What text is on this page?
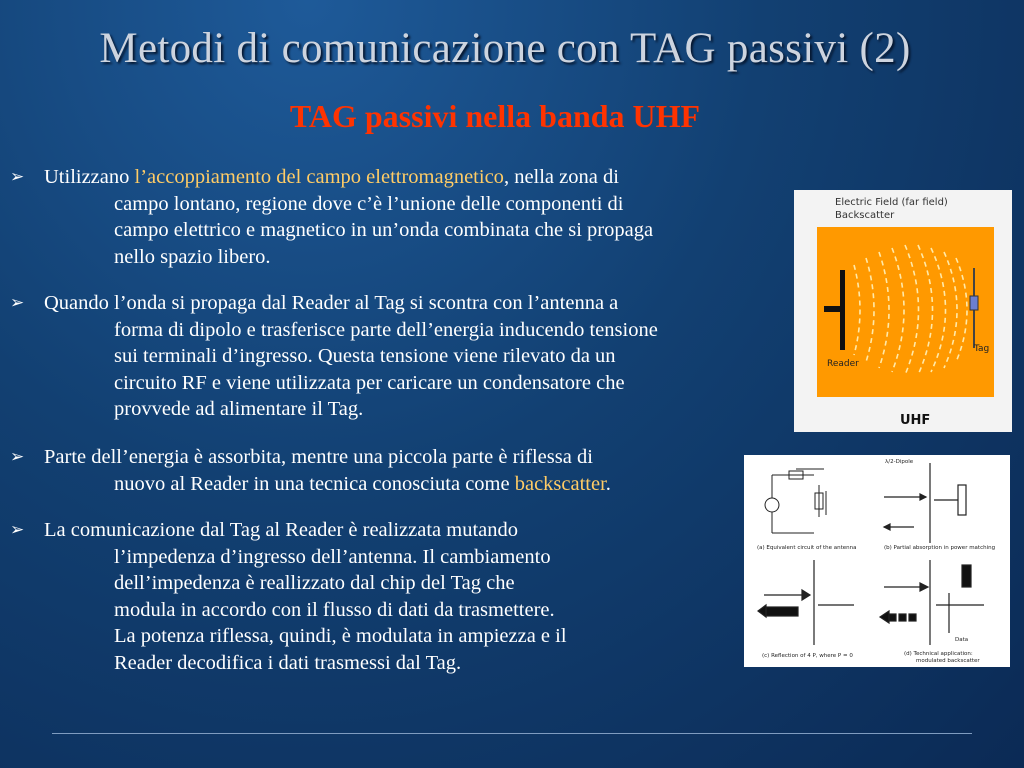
Metodi di comunicazione con TAG passivi (2)
TAG passivi nella banda UHF
➢ Utilizzano l’accoppiamento del campo elettromagnetico, nella zona di
campo lontano, regione dove c’è l’unione delle componenti di
campo elettrico e magnetico in un’onda combinata che si propaga
nello spazio libero.
➢ Quando l’onda si propaga dal Reader al Tag si scontra con l’antenna a
forma di dipolo e trasferisce parte dell’energia inducendo tensione
sui terminali d’ingresso. Questa tensione viene rilevato da un
circuito RF e viene utilizzata per caricare un condensatore che
provvede ad alimentare il Tag.
➢ Parte dell’energia è assorbita, mentre una piccola parte è riflessa di
nuovo al Reader in una tecnica conosciuta come backscatter.
➢ La comunicazione dal Tag al Reader è realizzata mutando
l’impedenza d’ingresso dell’antenna. Il cambiamento
dell’impedenza è reallizzato dal chip del Tag che
modula in accordo con il flusso di dati da trasmettere.
La potenza riflessa, quindi, è modulata in ampiezza e il
Reader decodifica i dati trasmessi dal Tag.
Electric Field (far field)
Backscatter
Reader
Tag
UHF
(a) Equivalent circuit of the antenna
λ/2-Dipole
(b) Partial absorption in power matching
(c) Reflection of 4 P, where P = 0
Data
(d) Technical application:
modulated backscatter
